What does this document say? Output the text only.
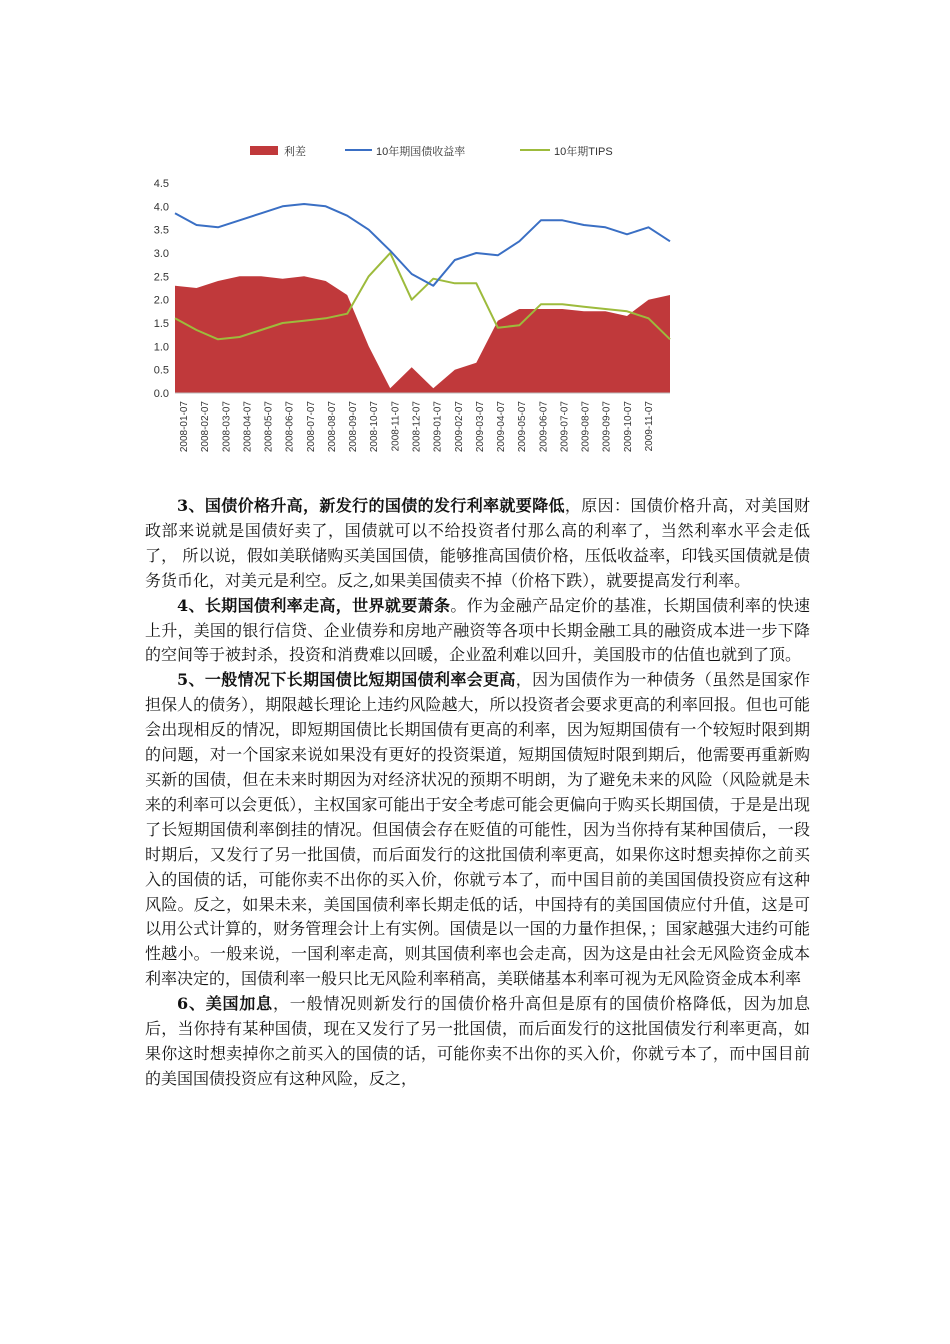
利差	10年期国债收益率	10年期TIPS
4.5
4.0
3.5
3.0
2.5
2.0
1.5
1.0
0.5
0.0
2008-01-07 2008-02-07 2008-03-07 2008-04-07 2008-05-07 2008-06-07 2008-07-07 2008-08-07 2008-09-07 2008-10-07 2008-11-07 2008-12-07 2009-01-07 2009-02-07 2009-03-07 2009-04-07 2009-05-07 2009-06-07 2009-07-07 2009-08-07 2009-09-07 2009-10-07 2009-11-07

3、国债价格升高，新发行的国债的发行利率就要降低，原因：国债价格升高，对美国财政部来说就是国债好卖了，国债就可以不给投资者付那么高的利率了，当然利率水平会走低了， 所以说，假如美联储购买美国国债，能够推高国债价格，压低收益率，印钱买国债就是债务货币化，对美元是利空。反之,如果美国债卖不掉（价格下跌），就要提高发行利率。

4、长期国债利率走高，世界就要萧条。作为金融产品定价的基准，长期国债利率的快速上升，美国的银行信贷、企业债券和房地产融资等各项中长期金融工具的融资成本进一步下降的空间等于被封杀，投资和消费难以回暖，企业盈利难以回升，美国股市的估值也就到了顶。

5、一般情况下长期国债比短期国债利率会更高，因为国债作为一种债务（虽然是国家作担保人的债务），期限越长理论上违约风险越大，所以投资者会要求更高的利率回报。但也可能会出现相反的情况，即短期国债比长期国债有更高的利率，因为短期国债有一个较短时限到期的问题，对一个国家来说如果没有更好的投资渠道，短期国债短时限到期后，他需要再重新购买新的国债，但在未来时期因为对经济状况的预期不明朗，为了避免未来的风险（风险就是未来的利率可以会更低），主权国家可能出于安全考虑可能会更偏向于购买长期国债，于是是出现了长短期国债利率倒挂的情况。但国债会存在贬值的可能性，因为当你持有某种国债后，一段时期后，又发行了另一批国债，而后面发行的这批国债利率更高，如果你这时想卖掉你之前买入的国债的话，可能你卖不出你的买入价，你就亏本了，而中国目前的美国国债投资应有这种风险。反之，如果未来，美国国债利率长期走低的话，中国持有的美国国债应付升值，这是可以用公式计算的，财务管理会计上有实例。国债是以一国的力量作担保，；国家越强大违约可能性越小。一般来说，一国利率走高，则其国债利率也会走高，因为这是由社会无风险资金成本利率决定的，国债利率一般只比无风险利率稍高，美联储基本利率可视为无风险资金成本利率

6、美国加息，一般情况则新发行的国债价格升高但是原有的国债价格降低，因为加息后，当你持有某种国债，现在又发行了另一批国债，而后面发行的这批国债发行利率更高，如果你这时想卖掉你之前买入的国债的话，可能你卖不出你的买入价，你就亏本了，而中国目前的美国国债投资应有这种风险，反之，
